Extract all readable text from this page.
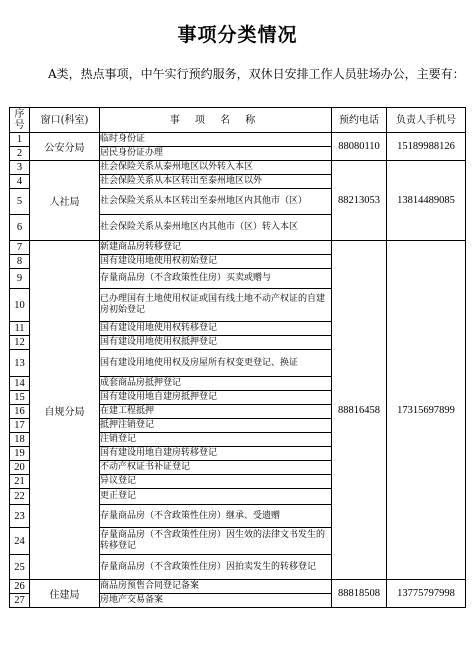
事项分类情况
A类，热点事项，中午实行预约服务，双休日安排工作人员驻场办公，主要有：
序号	窗口(科室)	事 项 名 称	预约电话	负责人手机号
1	公安分局	临时身份证	88080110	15189988126
2		居民身份证办理		
3	人社局	社会保险关系从泰州地区以外转入本区	88213053	13814489085
4		社会保险关系从本区转出至泰州地区以外		
5		社会保险关系从本区转出至泰州地区内其他市（区）		
6		社会保险关系从泰州地区内其他市（区）转入本区		
7	自规分局	新建商品房转移登记	88816458	17315697899
8		国有建设用地使用权初始登记		
9		存量商品房（不含政策性住房）买卖或赠与		
10		已办理国有土地使用权证或国有线土地不动产权证的自建房初始登记		
11		国有建设用地使用权转移登记		
12		国有建设用地使用权抵押登记		
13		国有建设用地使用权及房屋所有权变更登记、换证		
14		成套商品房抵押登记		
15		国有建设用地自建房抵押登记		
16		在建工程抵押		
17		抵押注销登记		
18		注销登记		
19		国有建设用地自建房转移登记		
20		不动产权证书补证登记		
21		异议登记		
22		更正登记		
23		存量商品房（不含政策性住房）继承、受遗赠		
24		存量商品房（不含政策性住房）因生效的法律文书发生的转移登记		
25		存量商品房（不含政策性住房）因拍卖发生的转移登记		
26	住建局	商品房预售合同登记备案	88818508	13775797998
27		房地产交易备案		
